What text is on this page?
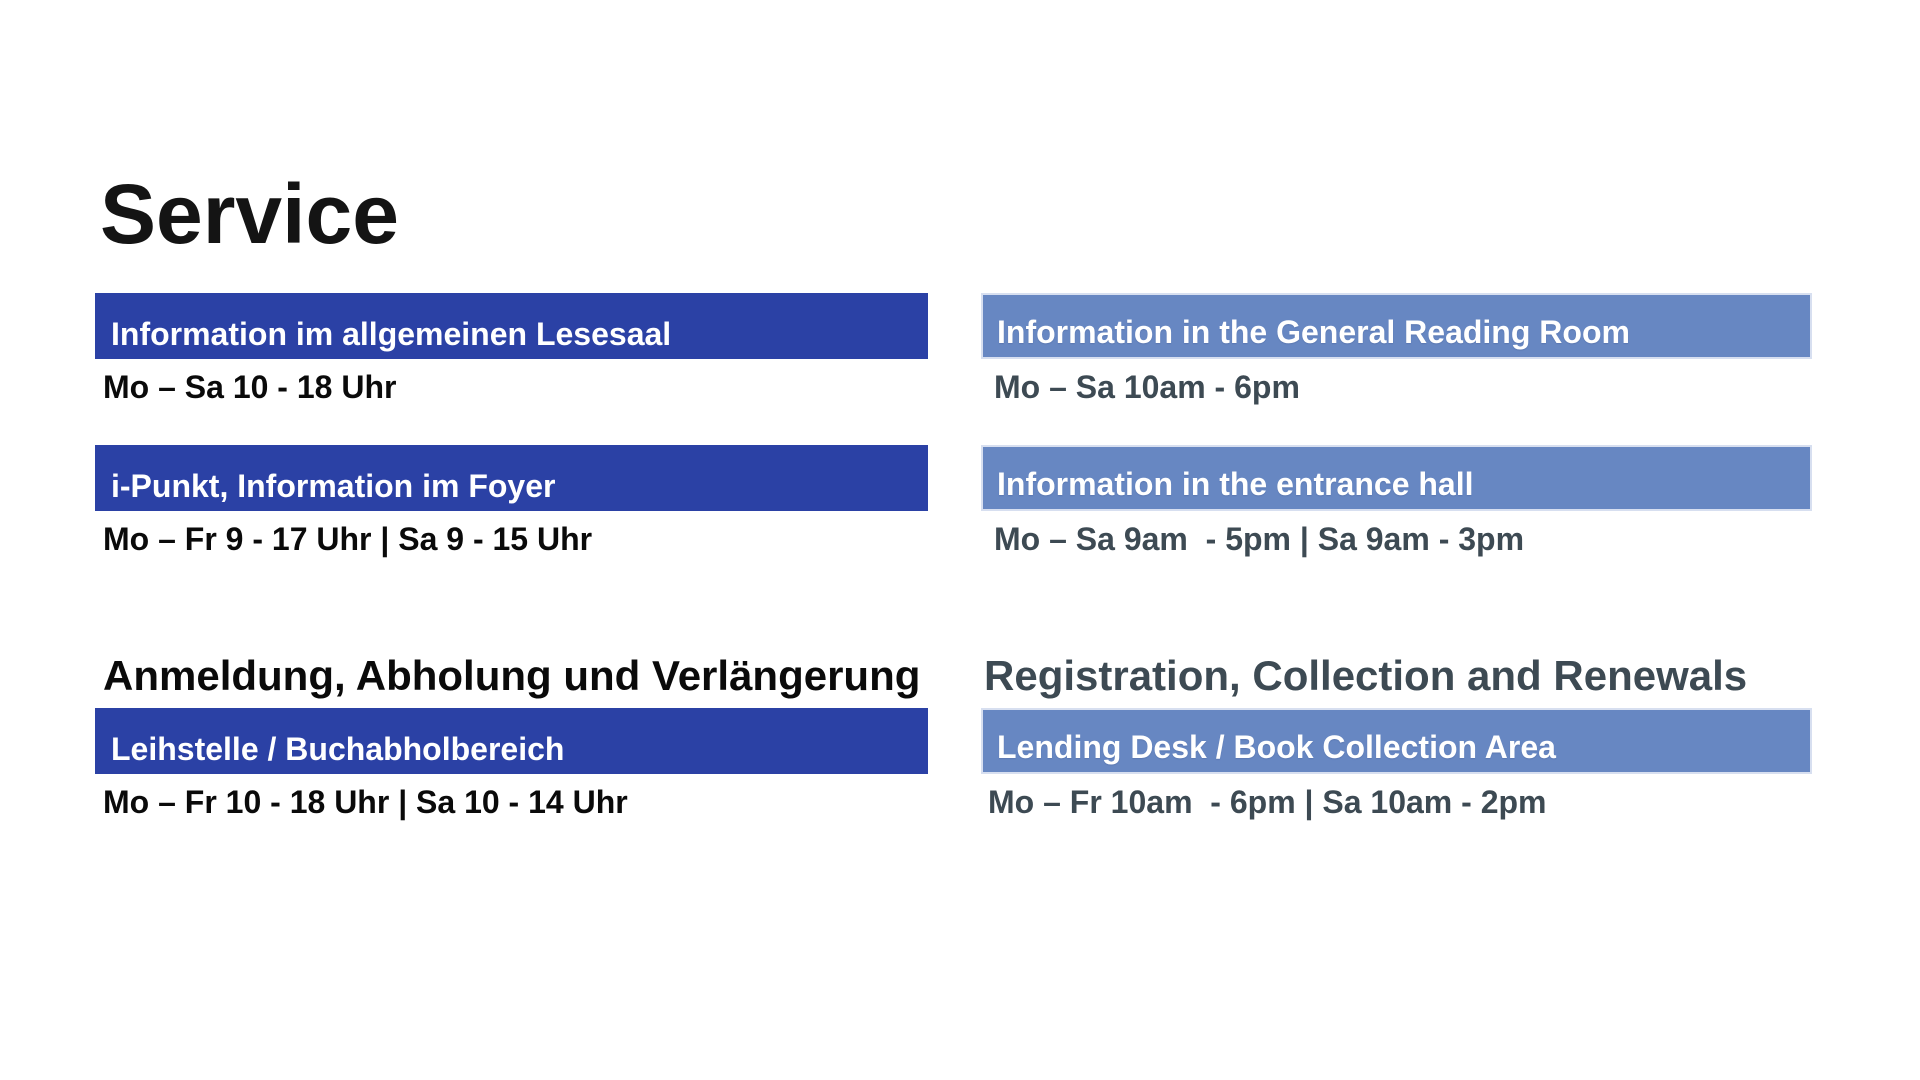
Service
Information im allgemeinen Lesesaal
Mo – Sa 10 - 18 Uhr
i-Punkt, Information im Foyer
Mo – Fr 9 - 17 Uhr | Sa 9 - 15 Uhr
Anmeldung, Abholung und Verlängerung
Leihstelle / Buchabholbereich
Mo – Fr 10 - 18 Uhr | Sa 10 - 14 Uhr
Information in the General Reading Room
Mo – Sa 10am - 6pm
Information in the entrance hall
Mo – Sa 9am  - 5pm | Sa 9am - 3pm
Registration, Collection and Renewals
Lending Desk / Book Collection Area
Mo – Fr 10am  - 6pm | Sa 10am - 2pm
